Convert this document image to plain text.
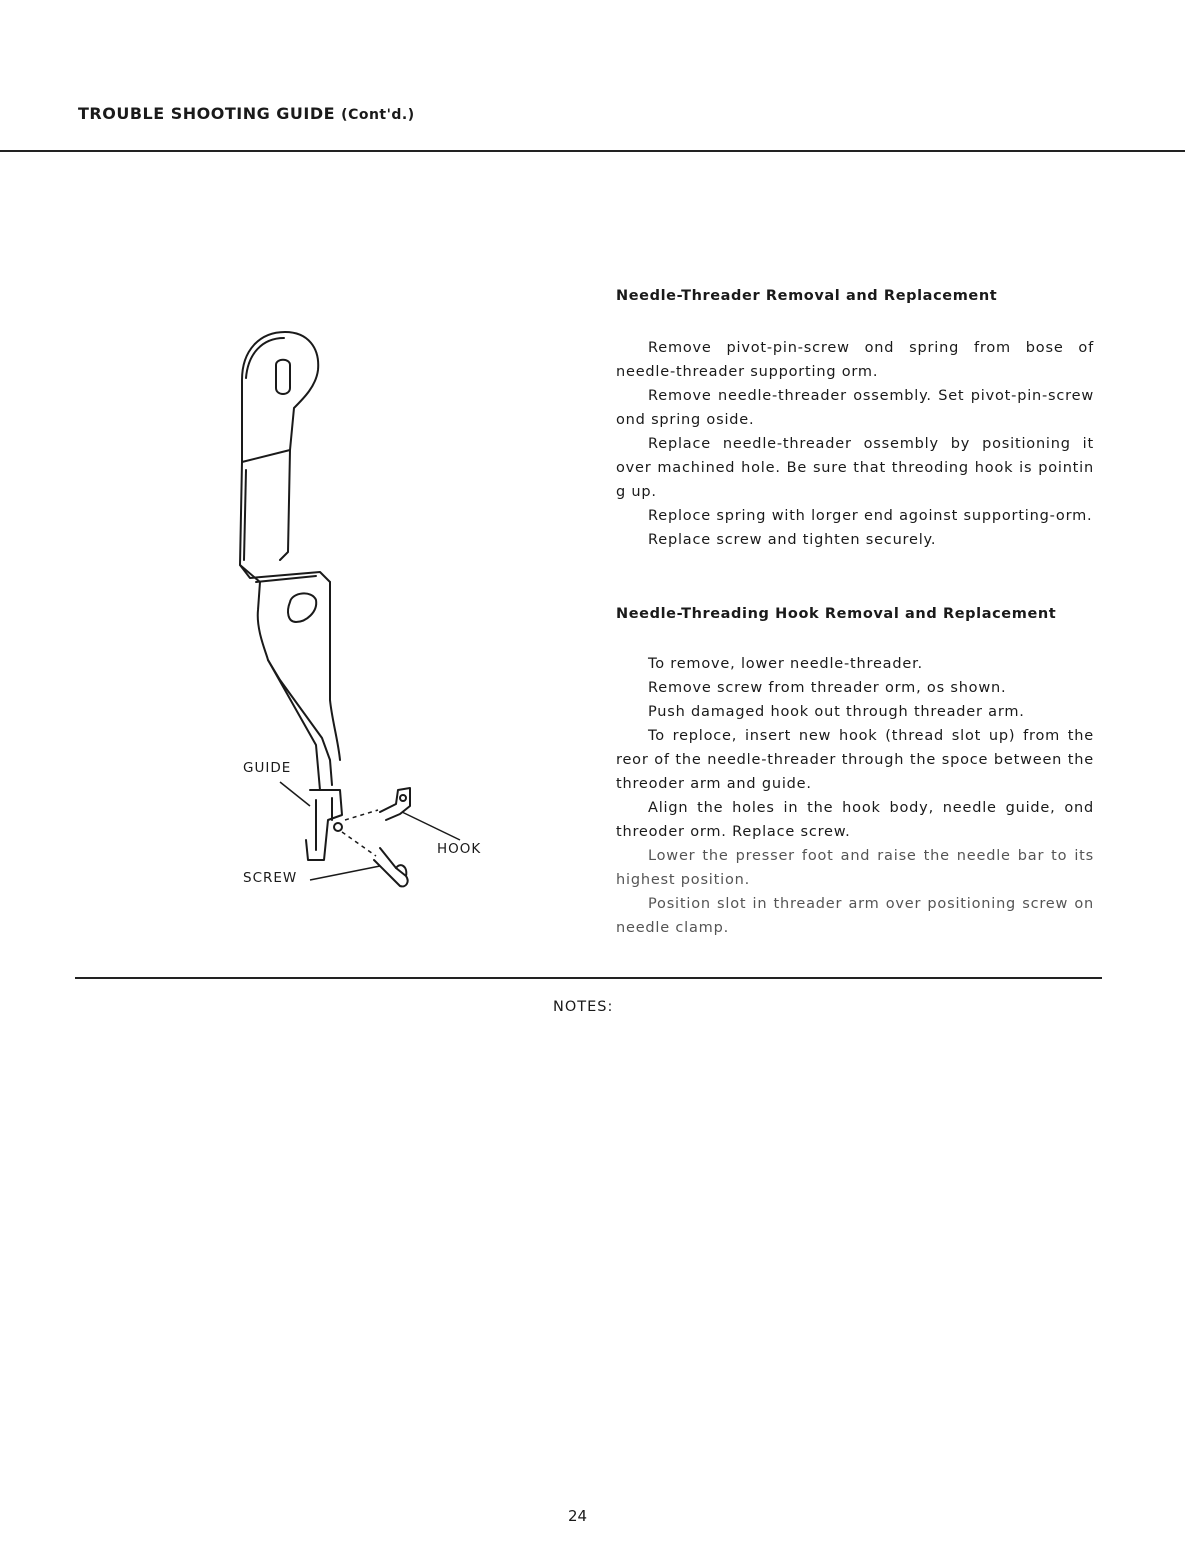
TROUBLE SHOOTING GUIDE (Cont'd.)
GUIDE
SCREW
HOOK
Needle-Threader Removal and Replacement

Remove pivot-pin-screw ond spring from bose of needle-threader supporting orm.

Remove needle-threader ossembly. Set pivot-pin-screw ond spring oside.

Replace needle-threader ossembly by positioning it over machined hole. Be sure that threoding hook is pointin g up.

Reploce spring with lorger end agoinst supporting-orm.

Replace screw and tighten securely.

Needle-Threading Hook Removal and Replacement

To remove, lower needle-threader.

Remove screw from threader orm, os shown.

Push damaged hook out through threader arm.

To reploce, insert new hook (thread slot up) from the reor of the needle-threader through the spoce between the threoder arm and guide.

Align the holes in the hook body, needle guide, ond threoder orm. Replace screw.

Lower the presser foot and raise the needle bar to its highest position.

Position slot in threader arm over positioning screw on needle clamp.

NOTES:
24
